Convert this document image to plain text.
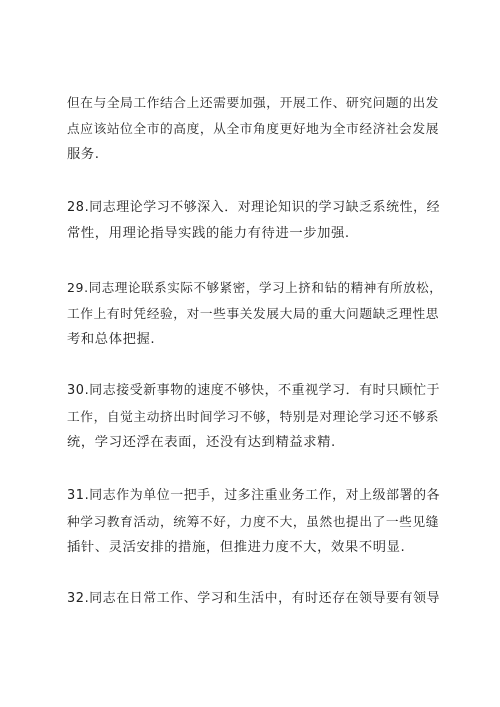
但在与全局工作结合上还需要加强，开展工作、研究问题的出发
点应该站位全市的高度，从全市角度更好地为全市经济社会发展
服务.

28.同志理论学习不够深入．对理论知识的学习缺乏系统性，经
常性，用理论指导实践的能力有待进一步加强.

29.同志理论联系实际不够紧密，学习上挤和钻的精神有所放松，
工作上有时凭经验，对一些事关发展大局的重大问题缺乏理性思
考和总体把握.

30.同志接受新事物的速度不够快，不重视学习．有时只顾忙于
工作，自觉主动挤出时间学习不够，特别是对理论学习还不够系
统，学习还浮在表面，还没有达到精益求精.

31.同志作为单位一把手，过多注重业务工作，对上级部署的各
种学习教育活动，统筹不好，力度不大，虽然也提出了一些见缝
插针、灵活安排的措施，但推进力度不大，效果不明显.

32.同志在日常工作、学习和生活中，有时还存在领导要有领导
